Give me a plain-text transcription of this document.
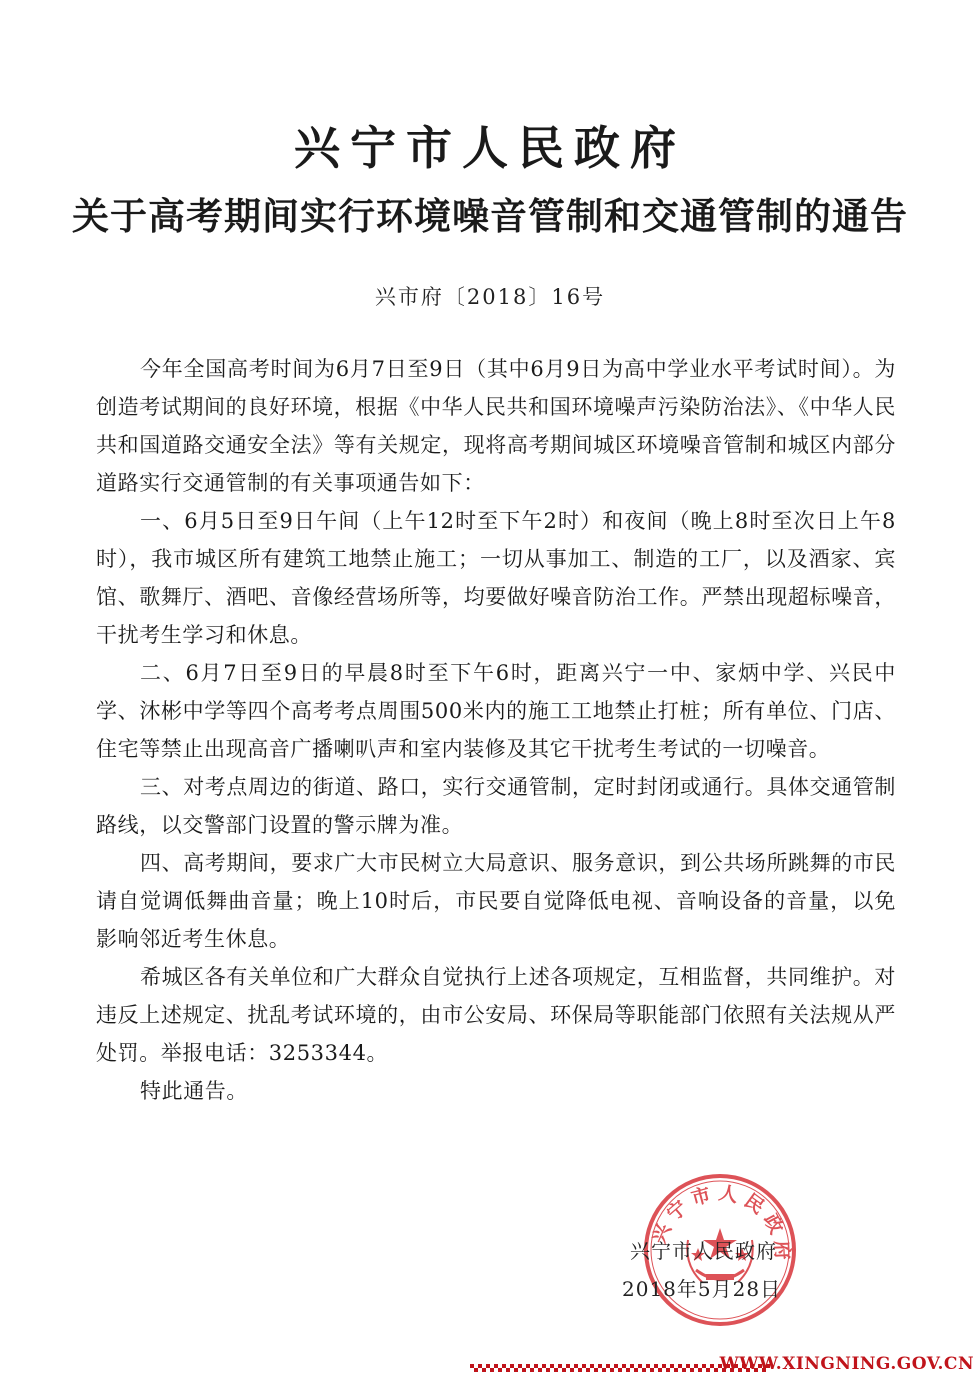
兴宁市人民政府
关于高考期间实行环境噪音管制和交通管制的通告
兴市府〔2018〕16号

今年全国高考时间为6月7日至9日（其中6月9日为高中学业水平考试时间）。为创造考试期间的良好环境，根据《中华人民共和国环境噪声污染防治法》、《中华人民共和国道路交通安全法》等有关规定，现将高考期间城区环境噪音管制和城区内部分道路实行交通管制的有关事项通告如下：

一、6月5日至9日午间（上午12时至下午2时）和夜间（晚上8时至次日上午8时），我市城区所有建筑工地禁止施工；一切从事加工、制造的工厂，以及酒家、宾馆、歌舞厅、酒吧、音像经营场所等，均要做好噪音防治工作。严禁出现超标噪音，干扰考生学习和休息。

二、6月7日至9日的早晨8时至下午6时，距离兴宁一中、家炳中学、兴民中学、沐彬中学等四个高考考点周围500米内的施工工地禁止打桩；所有单位、门店、住宅等禁止出现高音广播喇叭声和室内装修及其它干扰考生考试的一切噪音。

三、对考点周边的街道、路口，实行交通管制，定时封闭或通行。具体交通管制路线，以交警部门设置的警示牌为准。

四、高考期间，要求广大市民树立大局意识、服务意识，到公共场所跳舞的市民请自觉调低舞曲音量；晚上10时后，市民要自觉降低电视、音响设备的音量，以免影响邻近考生休息。

希城区各有关单位和广大群众自觉执行上述各项规定，互相监督，共同维护。对违反上述规定、扰乱考试环境的，由市公安局、环保局等职能部门依照有关法规从严处罚。举报电话：3253344。

特此通告。

兴宁市人民政府
兴宁市人民政府
2018年5月28日
WWW.XINGNING.GOV.CN
